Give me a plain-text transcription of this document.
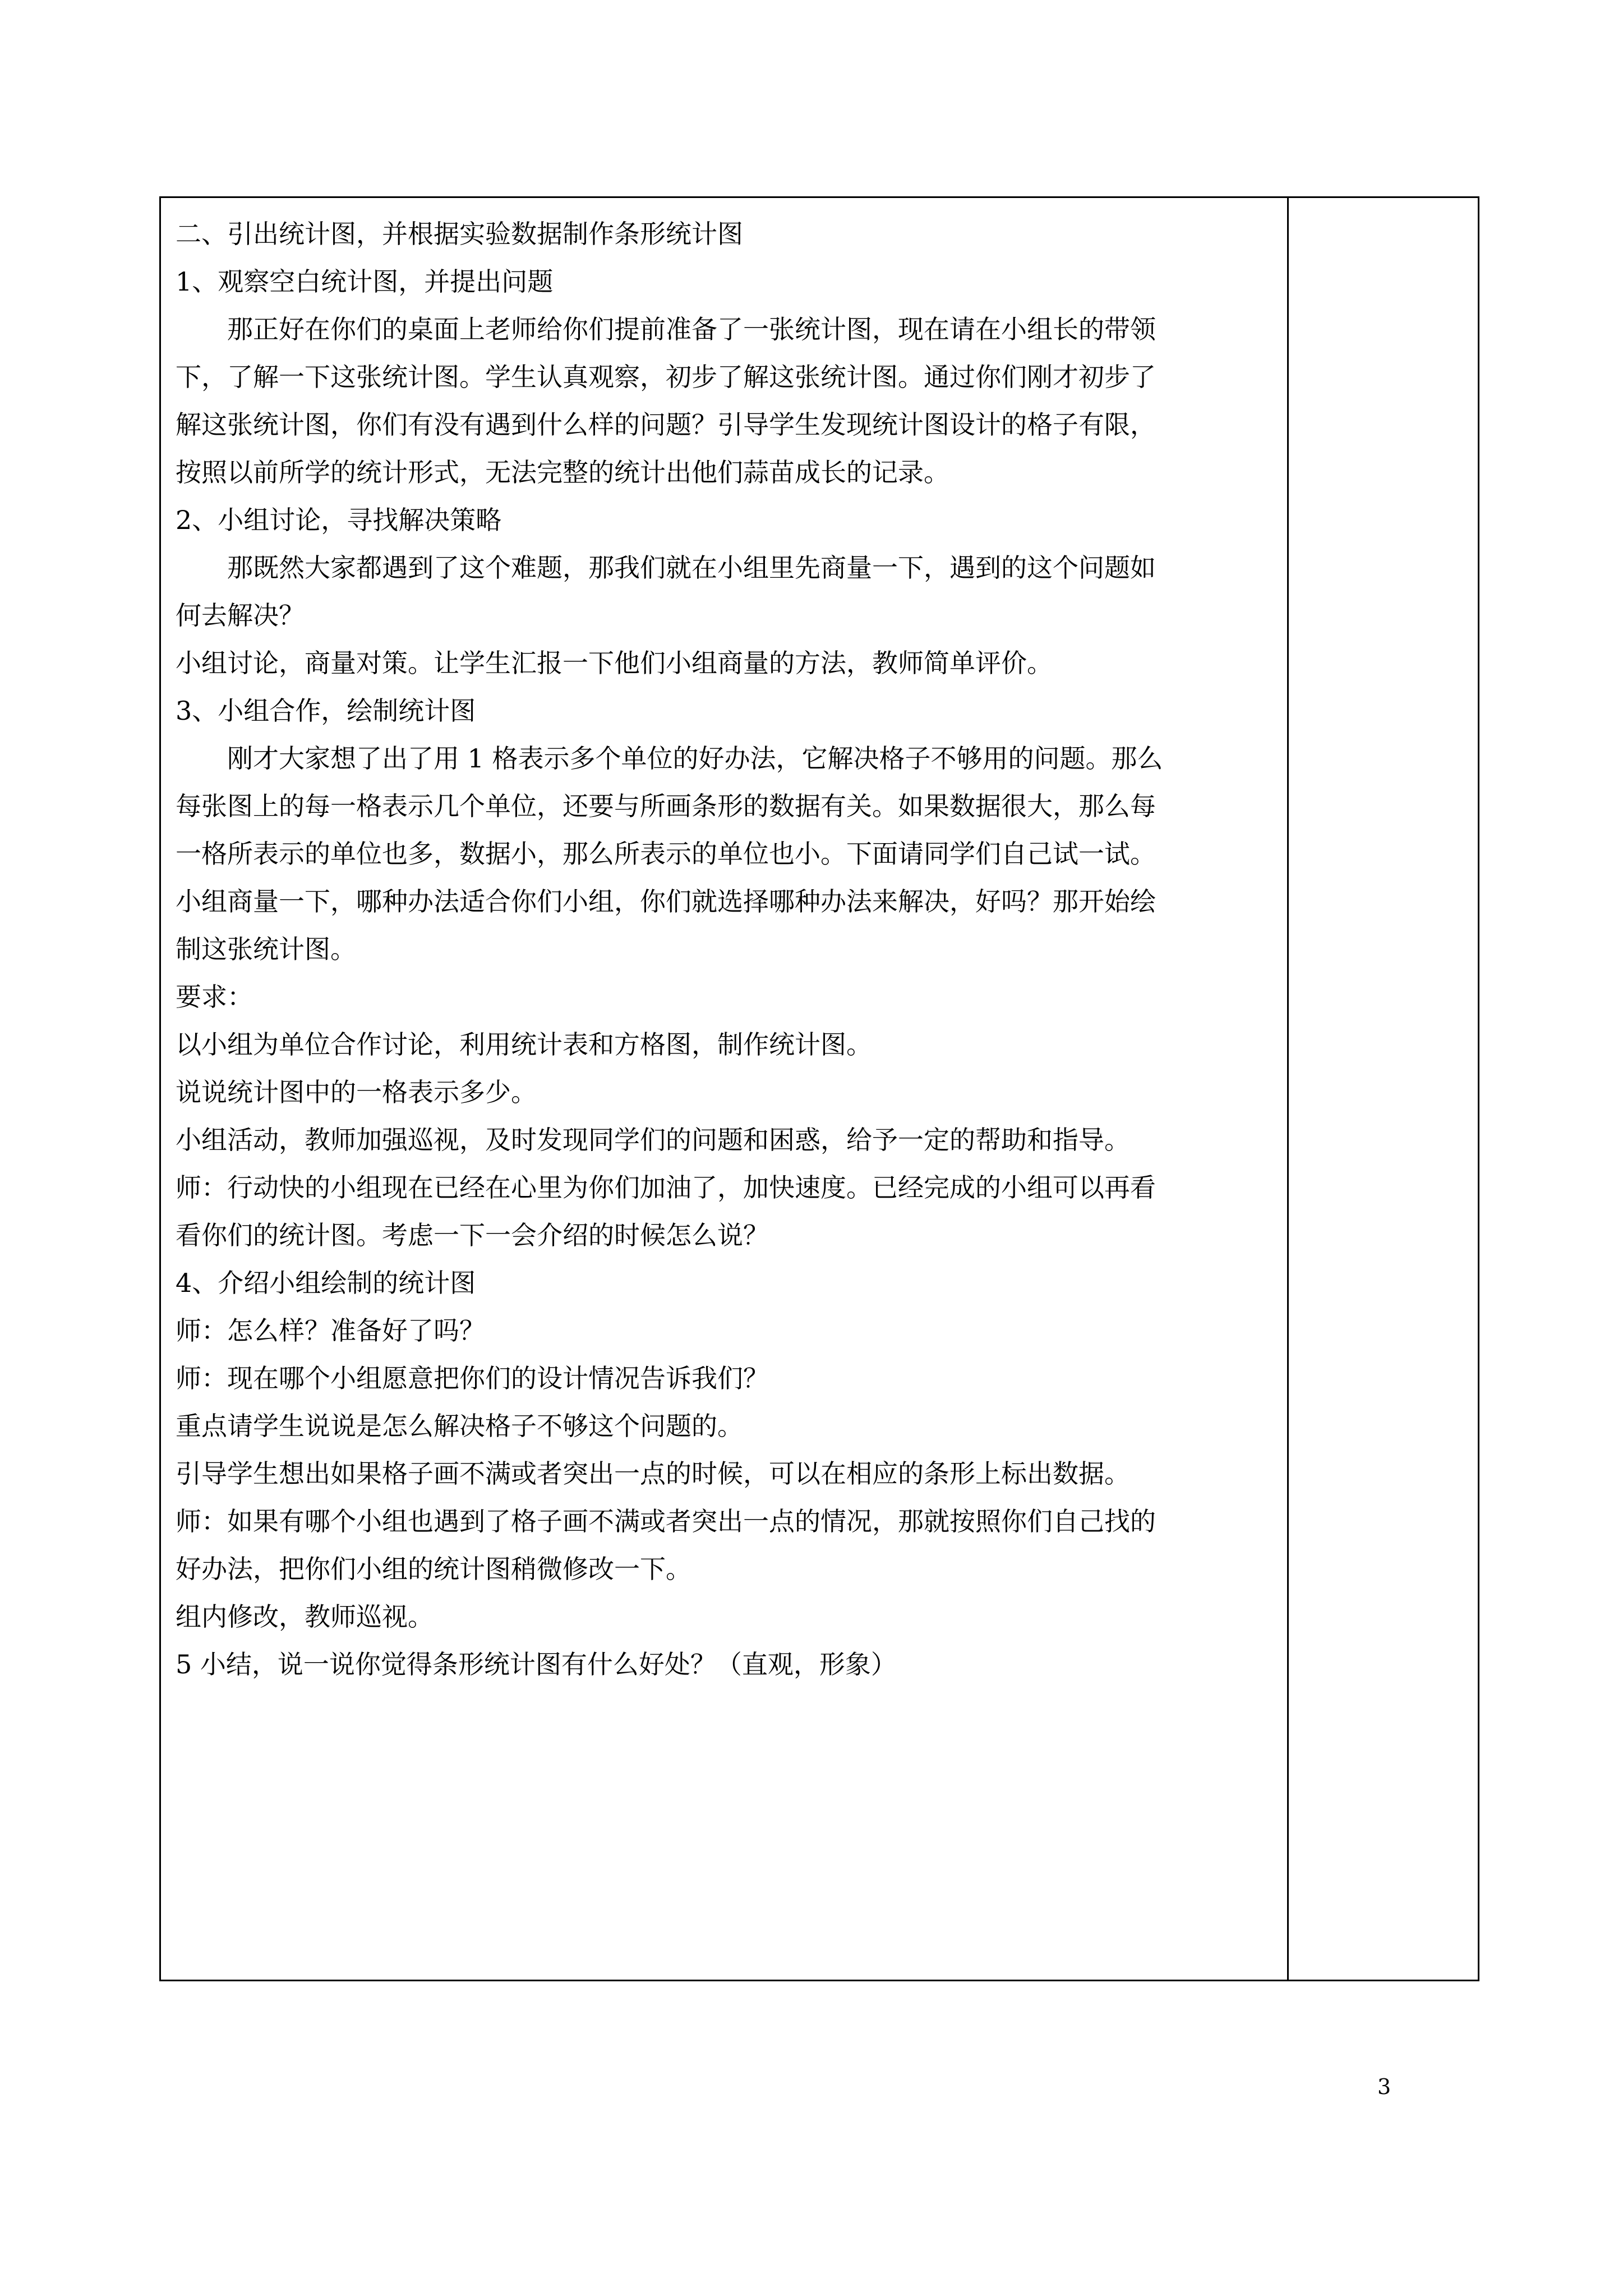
二、引出统计图，并根据实验数据制作条形统计图
1、观察空白统计图，并提出问题
那正好在你们的桌面上老师给你们提前准备了一张统计图，现在请在小组长的带领
下，了解一下这张统计图。学生认真观察，初步了解这张统计图。通过你们刚才初步了
解这张统计图，你们有没有遇到什么样的问题？引导学生发现统计图设计的格子有限，
按照以前所学的统计形式，无法完整的统计出他们蒜苗成长的记录。
2、小组讨论，寻找解决策略
那既然大家都遇到了这个难题，那我们就在小组里先商量一下，遇到的这个问题如
何去解决？
小组讨论，商量对策。让学生汇报一下他们小组商量的方法，教师简单评价。
3、小组合作，绘制统计图
刚才大家想了出了用 1 格表示多个单位的好办法，它解决格子不够用的问题。那么
每张图上的每一格表示几个单位，还要与所画条形的数据有关。如果数据很大，那么每
一格所表示的单位也多，数据小，那么所表示的单位也小。下面请同学们自己试一试。
小组商量一下，哪种办法适合你们小组，你们就选择哪种办法来解决，好吗？那开始绘
制这张统计图。
要求：
以小组为单位合作讨论，利用统计表和方格图，制作统计图。
说说统计图中的一格表示多少。
小组活动，教师加强巡视，及时发现同学们的问题和困惑，给予一定的帮助和指导。
师：行动快的小组现在已经在心里为你们加油了，加快速度。已经完成的小组可以再看
看你们的统计图。考虑一下一会介绍的时候怎么说？
4、介绍小组绘制的统计图
师：怎么样？准备好了吗？
师：现在哪个小组愿意把你们的设计情况告诉我们？
重点请学生说说是怎么解决格子不够这个问题的。
引导学生想出如果格子画不满或者突出一点的时候，可以在相应的条形上标出数据。
师：如果有哪个小组也遇到了格子画不满或者突出一点的情况，那就按照你们自己找的
好办法，把你们小组的统计图稍微修改一下。
组内修改，教师巡视。
5 小结，说一说你觉得条形统计图有什么好处？（直观，形象）
3
